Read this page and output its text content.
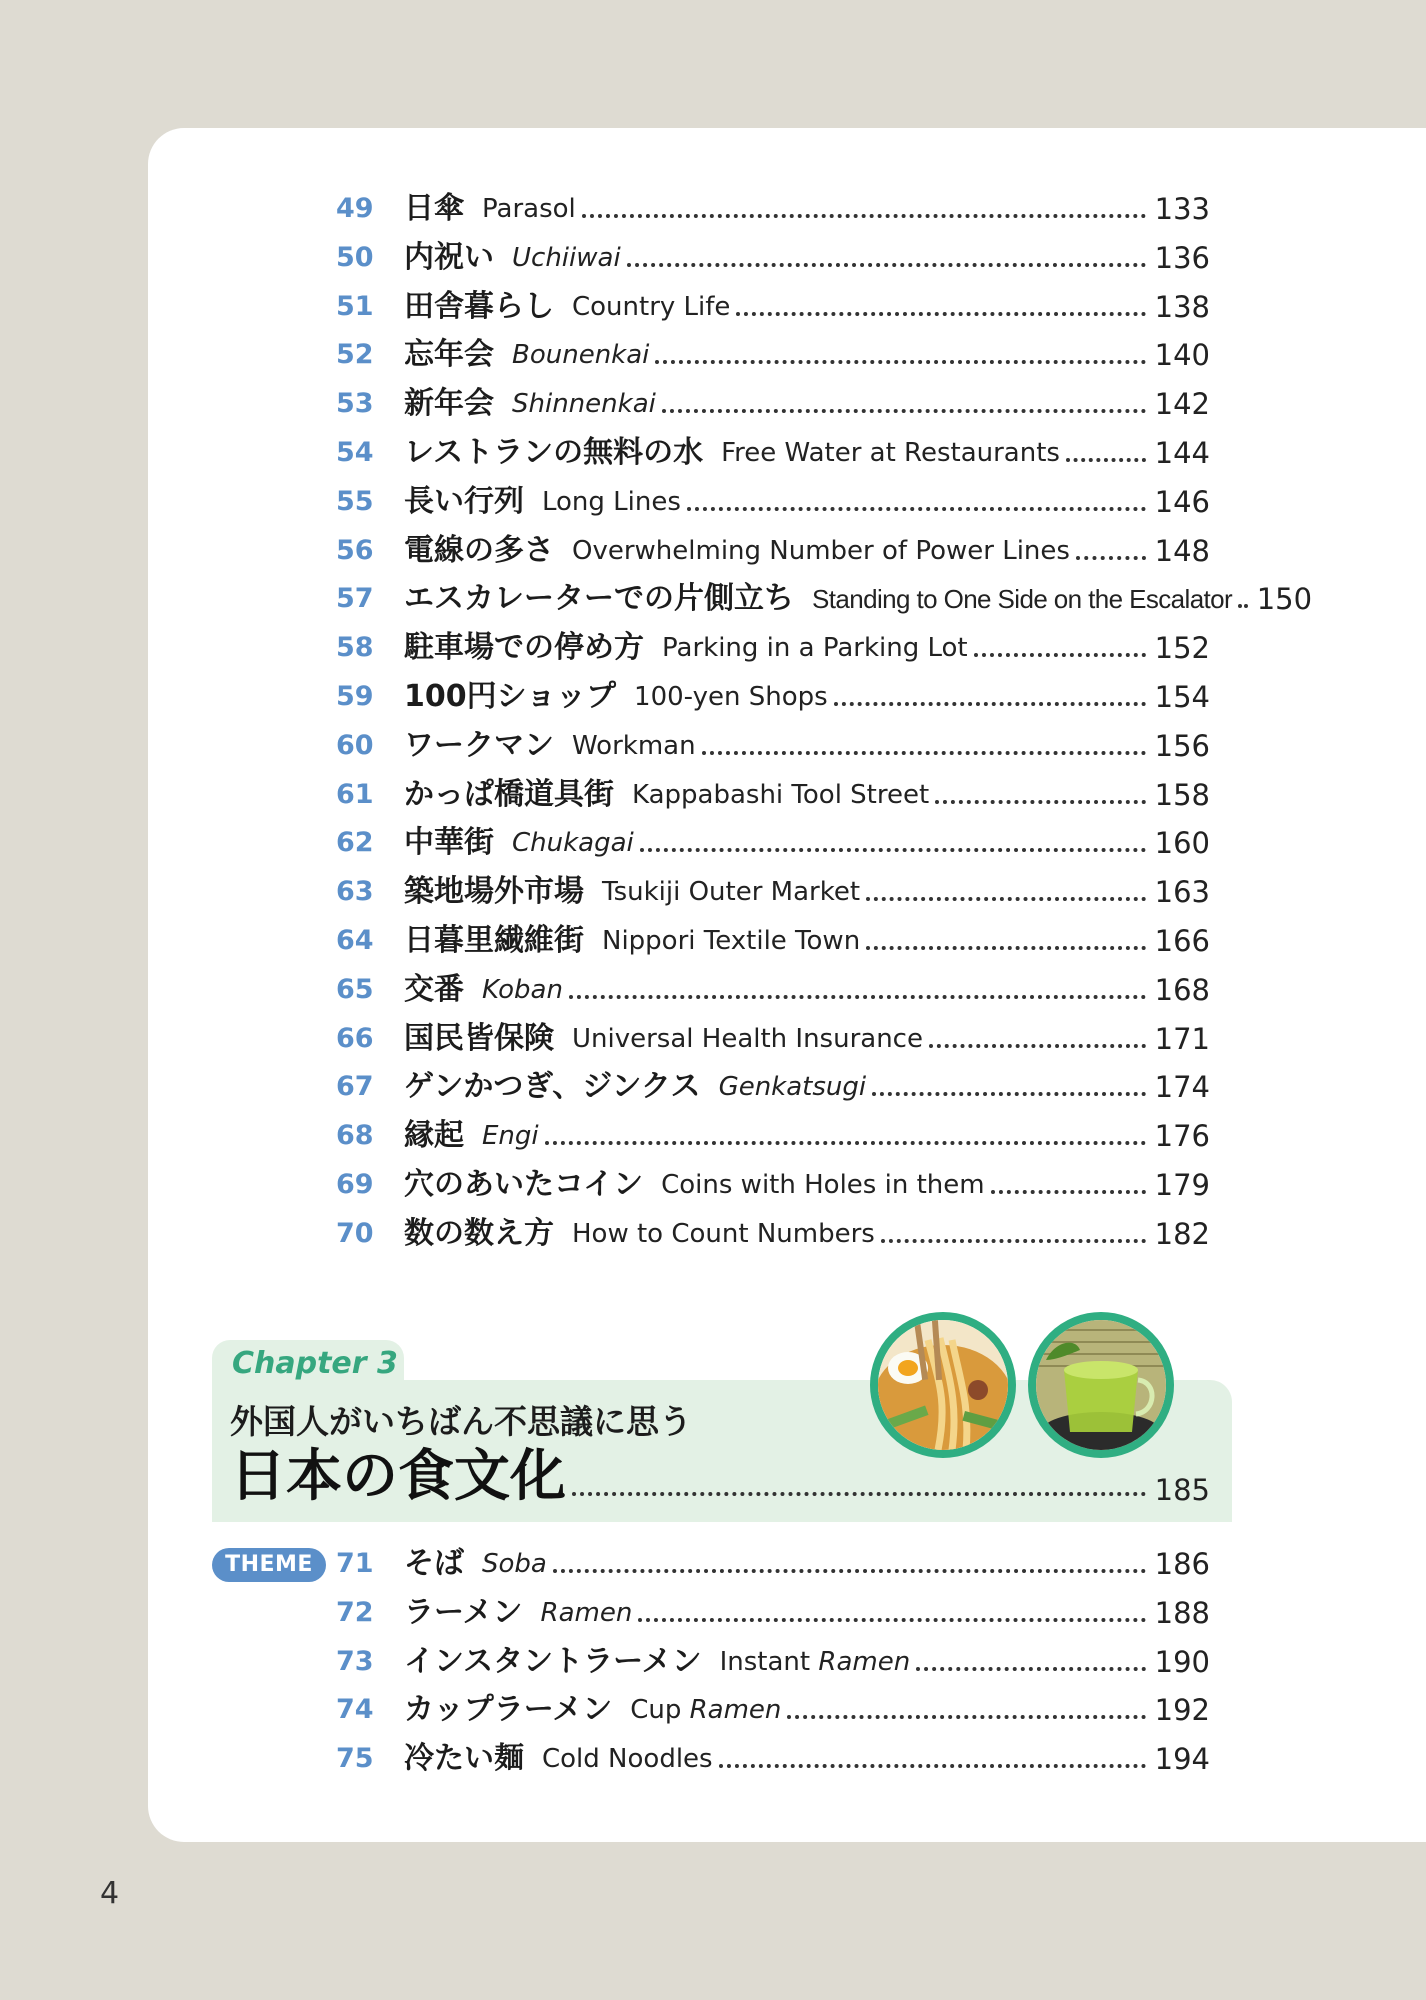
49	日傘 Parasol	133
50	内祝い Uchiiwai	136
51	田舎暮らし Country Life	138
52	忘年会 Bounenkai	140
53	新年会 Shinnenkai	142
54	レストランの無料の水 Free Water at Restaurants	144
55	長い行列 Long Lines	146
56	電線の多さ Overwhelming Number of Power Lines	148
57	エスカレーターでの片側立ち Standing to One Side on the Escalator 150
58	駐車場での停め方 Parking in a Parking Lot	152
59	100円ショップ 100-yen Shops	154
60	ワークマン Workman	156
61	かっぱ橋道具街 Kappabashi Tool Street	158
62	中華街 Chukagai	160
63	築地場外市場 Tsukiji Outer Market	163
64	日暮里繊維街 Nippori Textile Town	166
65	交番 Koban	168
66	国民皆保険 Universal Health Insurance	171
67	ゲンかつぎ、ジンクス Genkatsugi	174
68	縁起 Engi	176
69	穴のあいたコイン Coins with Holes in them	179
70	数の数え方 How to Count Numbers	182
Chapter 3
外国人がいちばん不思議に思う
日本の食文化	185
THEME 71	そば Soba	186
72	ラーメン Ramen	188
73	インスタントラーメン Instant Ramen	190
74	カップラーメン Cup Ramen	192
75	冷たい麺 Cold Noodles	194
4
